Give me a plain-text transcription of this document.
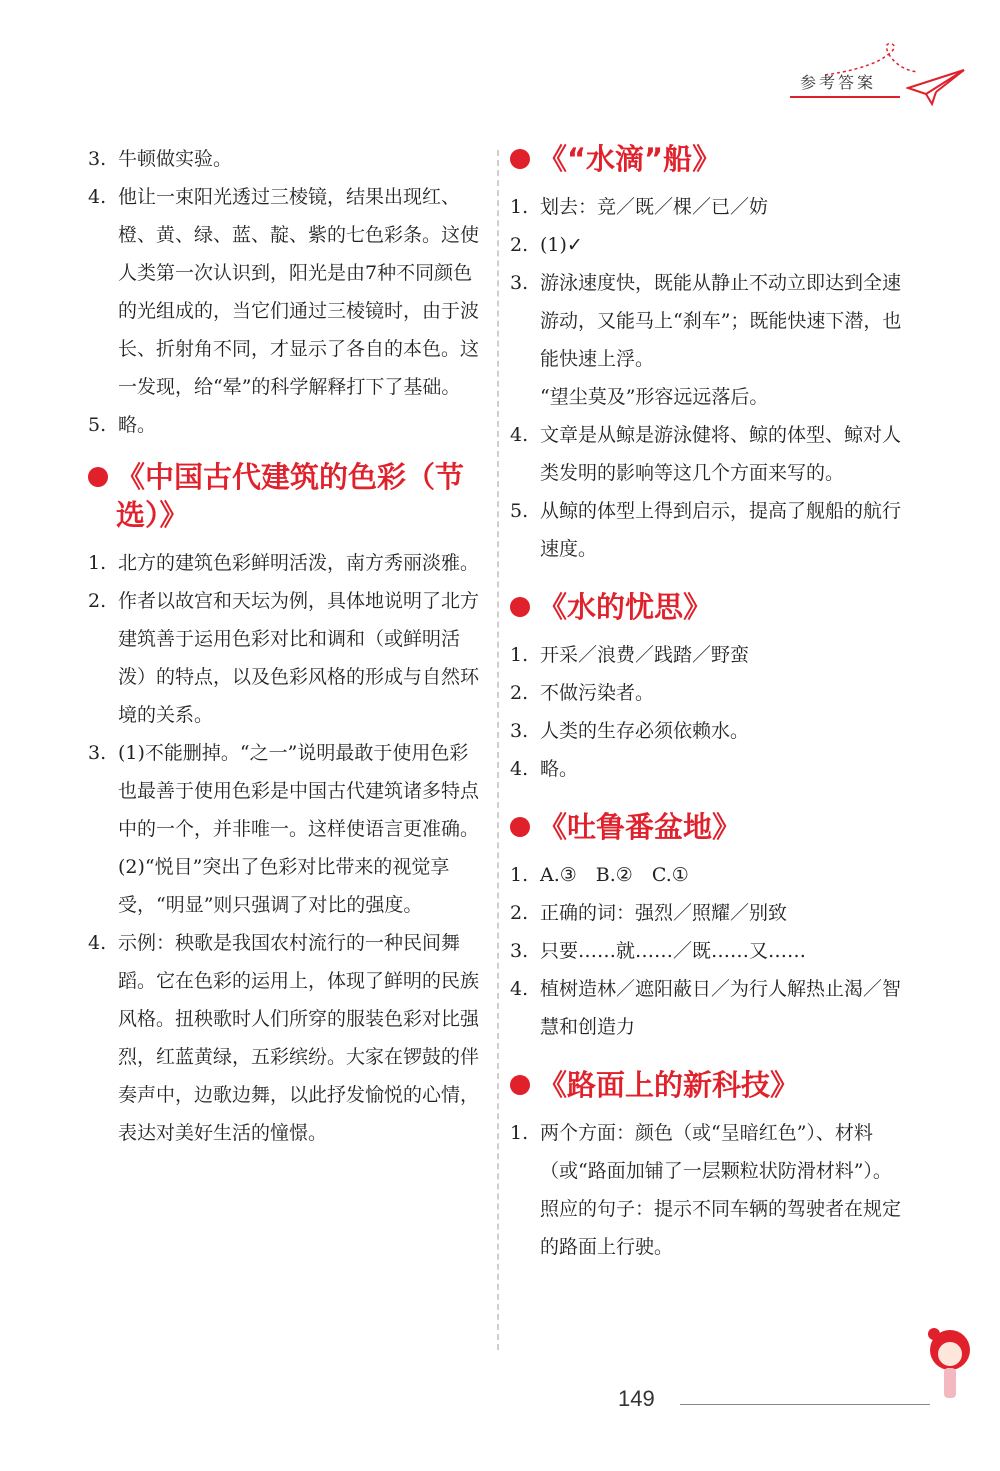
参考答案
3. 牛顿做实验。
4. 他让一束阳光透过三棱镜，结果出现红、橙、黄、绿、蓝、靛、紫的七色彩条。这使人类第一次认识到，阳光是由7种不同颜色的光组成的，当它们通过三棱镜时，由于波长、折射角不同，才显示了各自的本色。这一发现，给“晕”的科学解释打下了基础。
5. 略。
《中国古代建筑的色彩（节
选）》
1. 北方的建筑色彩鲜明活泼，南方秀丽淡雅。
2. 作者以故宫和天坛为例，具体地说明了北方建筑善于运用色彩对比和调和（或鲜明活泼）的特点，以及色彩风格的形成与自然环境的关系。
3. (1)不能删掉。“之一”说明最敢于使用色彩也最善于使用色彩是中国古代建筑诸多特点中的一个，并非唯一。这样使语言更准确。
(2)“悦目”突出了色彩对比带来的视觉享受，“明显”则只强调了对比的强度。
4. 示例：秧歌是我国农村流行的一种民间舞蹈。它在色彩的运用上，体现了鲜明的民族风格。扭秧歌时人们所穿的服装色彩对比强烈，红蓝黄绿，五彩缤纷。大家在锣鼓的伴奏声中，边歌边舞，以此抒发愉悦的心情，表达对美好生活的憧憬。
《“水滴”船》
1. 划去：竞／既／棵／已／妨
2. (1)✓
3. 游泳速度快，既能从静止不动立即达到全速游动，又能马上“刹车”；既能快速下潜，也能快速上浮。
“望尘莫及”形容远远落后。
4. 文章是从鲸是游泳健将、鲸的体型、鲸对人类发明的影响等这几个方面来写的。
5. 从鲸的体型上得到启示，提高了舰船的航行速度。
《水的忧思》
1. 开采／浪费／践踏／野蛮
2. 不做污染者。
3. 人类的生存必须依赖水。
4. 略。
《吐鲁番盆地》
1. A.③　B.②　C.①
2. 正确的词：强烈／照耀／别致
3. 只要……就……／既……又……
4. 植树造林／遮阳蔽日／为行人解热止渴／智慧和创造力
《路面上的新科技》
1. 两个方面：颜色（或“呈暗红色”）、材料（或“路面加铺了一层颗粒状防滑材料”）。
照应的句子：提示不同车辆的驾驶者在规定的路面上行驶。
149
